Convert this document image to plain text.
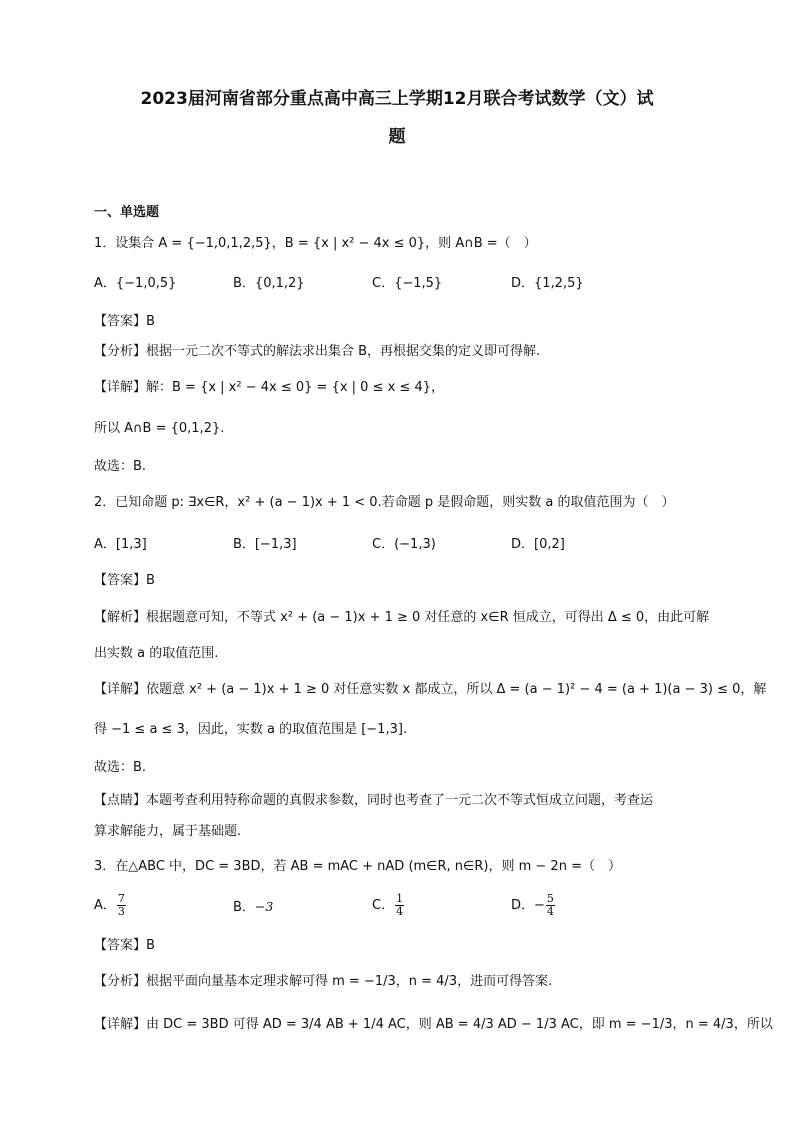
2023届河南省部分重点高中高三上学期12月联合考试数学（文）试
题
一、单选题
1．设集合 A = {−1,0,1,2,5}，B = {x | x² − 4x ≤ 0}，则 A∩B =（　）
A．{−1,0,5}	B．{0,1,2}	C．{−1,5}	D．{1,2,5}
【答案】B
【分析】根据一元二次不等式的解法求出集合 B，再根据交集的定义即可得解.
【详解】解：B = {x | x² − 4x ≤ 0} = {x | 0 ≤ x ≤ 4}，
所以 A∩B = {0,1,2}.
故选：B.
2．已知命题 p: ∃x∈R，x² + (a − 1)x + 1 < 0.若命题 p 是假命题，则实数 a 的取值范围为（　）
A．[1,3]	B．[−1,3]	C．(−1,3)	D．[0,2]
【答案】B
【解析】根据题意可知，不等式 x² + (a − 1)x + 1 ≥ 0 对任意的 x∈R 恒成立，可得出 Δ ≤ 0，由此可解
出实数 a 的取值范围.
【详解】依题意 x² + (a − 1)x + 1 ≥ 0 对任意实数 x 都成立，所以 Δ = (a − 1)² − 4 = (a + 1)(a − 3) ≤ 0，解
得 −1 ≤ a ≤ 3，因此，实数 a 的取值范围是 [−1,3].
故选：B.
【点睛】本题考查利用特称命题的真假求参数，同时也考查了一元二次不等式恒成立问题，考查运
算求解能力，属于基础题.
3．在△ABC 中，DC = 3BD，若 AB = mAC + nAD (m∈R, n∈R)，则 m − 2n =（　）
A． $\frac{7}{3}$	B．−3	C． $\frac{1}{4}$	D．− $\frac{5}{4}$
【答案】B
【分析】根据平面向量基本定理求解可得 m = −1/3，n = 4/3，进而可得答案.
【详解】由 DC = 3BD 可得 AD = 3/4 AB + 1/4 AC，则 AB = 4/3 AD − 1/3 AC，即 m = −1/3，n = 4/3，所以
